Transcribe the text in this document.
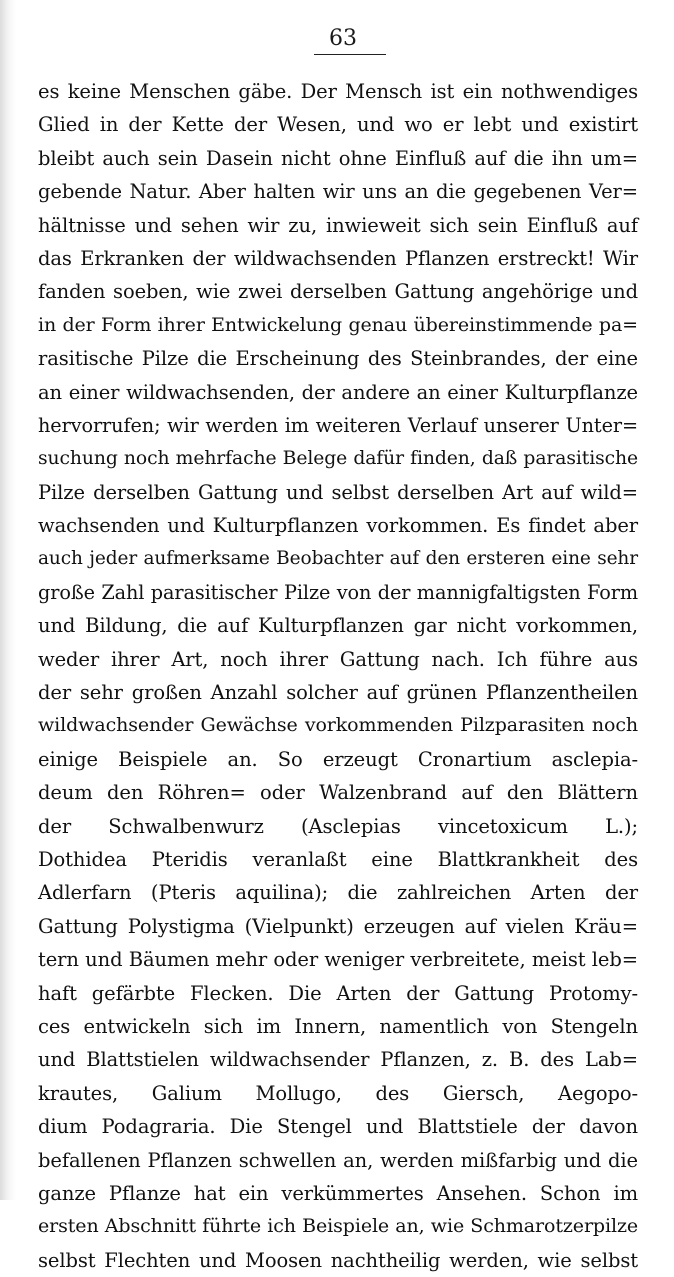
63
es keine Menschen gäbe. Der Mensch ist ein nothwendiges
Glied in der Kette der Wesen, und wo er lebt und existirt
bleibt auch sein Dasein nicht ohne Einfluß auf die ihn um=
gebende Natur. Aber halten wir uns an die gegebenen Ver=
hältnisse und sehen wir zu, inwieweit sich sein Einfluß auf
das Erkranken der wildwachsenden Pflanzen erstreckt! Wir
fanden soeben, wie zwei derselben Gattung angehörige und
in der Form ihrer Entwickelung genau übereinstimmende pa=
rasitische Pilze die Erscheinung des Steinbrandes, der eine
an einer wildwachsenden, der andere an einer Kulturpflanze
hervorrufen; wir werden im weiteren Verlauf unserer Unter=
suchung noch mehrfache Belege dafür finden, daß parasitische
Pilze derselben Gattung und selbst derselben Art auf wild=
wachsenden und Kulturpflanzen vorkommen. Es findet aber
auch jeder aufmerksame Beobachter auf den ersteren eine sehr
große Zahl parasitischer Pilze von der mannigfaltigsten Form
und Bildung, die auf Kulturpflanzen gar nicht vorkommen,
weder ihrer Art, noch ihrer Gattung nach. Ich führe aus
der sehr großen Anzahl solcher auf grünen Pflanzentheilen
wildwachsender Gewächse vorkommenden Pilzparasiten noch
einige Beispiele an. So erzeugt Cronartium asclepia-
deum den Röhren= oder Walzenbrand auf den Blättern
der Schwalbenwurz (Asclepias vincetoxicum L.);
Dothidea Pteridis veranlaßt eine Blattkrankheit des
Adlerfarn (Pteris aquilina); die zahlreichen Arten der
Gattung Polystigma (Vielpunkt) erzeugen auf vielen Kräu=
tern und Bäumen mehr oder weniger verbreitete, meist leb=
haft gefärbte Flecken. Die Arten der Gattung Protomy-
ces entwickeln sich im Innern, namentlich von Stengeln
und Blattstielen wildwachsender Pflanzen, z. B. des Lab=
krautes, Galium Mollugo, des Giersch, Aegopo-
dium Podagraria. Die Stengel und Blattstiele der davon
befallenen Pflanzen schwellen an, werden mißfarbig und die
ganze Pflanze hat ein verkümmertes Ansehen. Schon im
ersten Abschnitt führte ich Beispiele an, wie Schmarotzerpilze
selbst Flechten und Moosen nachtheilig werden, wie selbst
